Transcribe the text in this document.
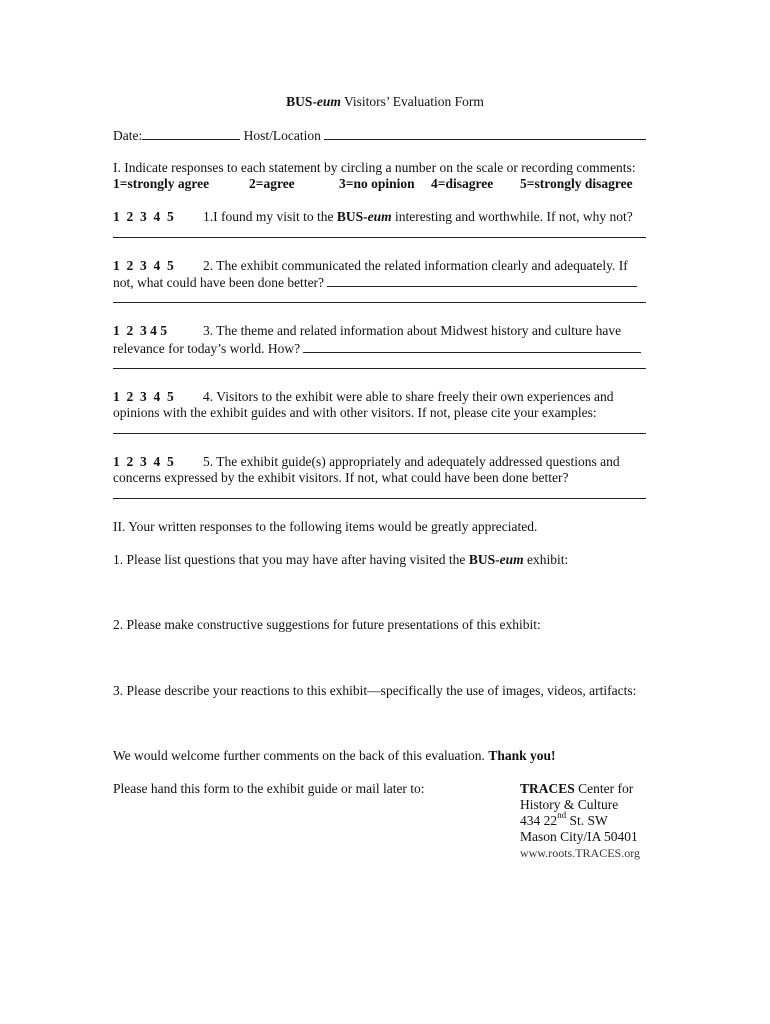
BUS-eum Visitors’ Evaluation Form
Date:	Host/Location
I. Indicate responses to each statement by circling a number on the scale or recording comments:
1=strongly agree	2=agree	3=no opinion 4=disagree 5=strongly disagree
1  2  3  4  5 1.I found my visit to the BUS-eum interesting and worthwhile. If not, why not?
1  2  3  4  5 2. The exhibit communicated the related information clearly and adequately. If
not, what could have been done better?
1  2  3 4 5	3. The theme and related information about Midwest history and culture have
relevance for today’s world. How?
1  2  3  4  5 4. Visitors to the exhibit were able to share freely their own experiences and
opinions with the exhibit guides and with other visitors. If not, please cite your examples:
1  2  3  4  5 5. The exhibit guide(s) appropriately and adequately addressed questions and
concerns expressed by the exhibit visitors. If not, what could have been done better?
II. Your written responses to the following items would be greatly appreciated.
1. Please list questions that you may have after having visited the BUS-eum exhibit:
2. Please make constructive suggestions for future presentations of this exhibit:
3. Please describe your reactions to this exhibit—specifically the use of images, videos, artifacts:
We would welcome further comments on the back of this evaluation. Thank you!
Please hand this form to the exhibit guide or mail later to:	TRACES Center for
History & Culture
434 22nd St. SW
Mason City/IA 50401
www.roots.TRACES.org
